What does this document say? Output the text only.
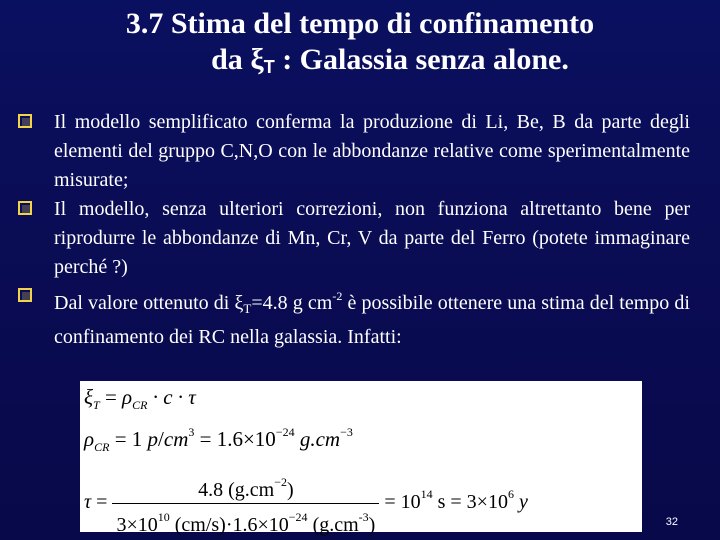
3.7 Stima del tempo di confinamento
da ξT : Galassia senza alone.
Il modello semplificato conferma la produzione di Li, Be, B da parte degli elementi del gruppo C,N,O con le abbondanze relative come sperimentalmente misurate;
Il modello, senza ulteriori correzioni, non funziona altrettanto bene per riprodurre le abbondanze di Mn, Cr, V da parte del Ferro (potete immaginare perché ?)
Dal valore ottenuto di $\xi_T=4.8$ g $cm^{-2}$ è possibile ottenere una stima del tempo di confinamento dei RC nella galassia. Infatti:
$\xi_T = \rho_{CR} \cdot c \cdot \tau$
$\rho_{CR} = 1$ $p/cm^3 = 1.6\times 10^{-24}$ $g.cm^{-3}$
$\tau = \frac{4.8 (g.cm^{-2})}{3\times 10^{10} (cm/s)\cdot 1.6\times 10^{-24} (g.cm^{-3})} = 10^{14}$ $s = 3\times 10^6$ y
32
